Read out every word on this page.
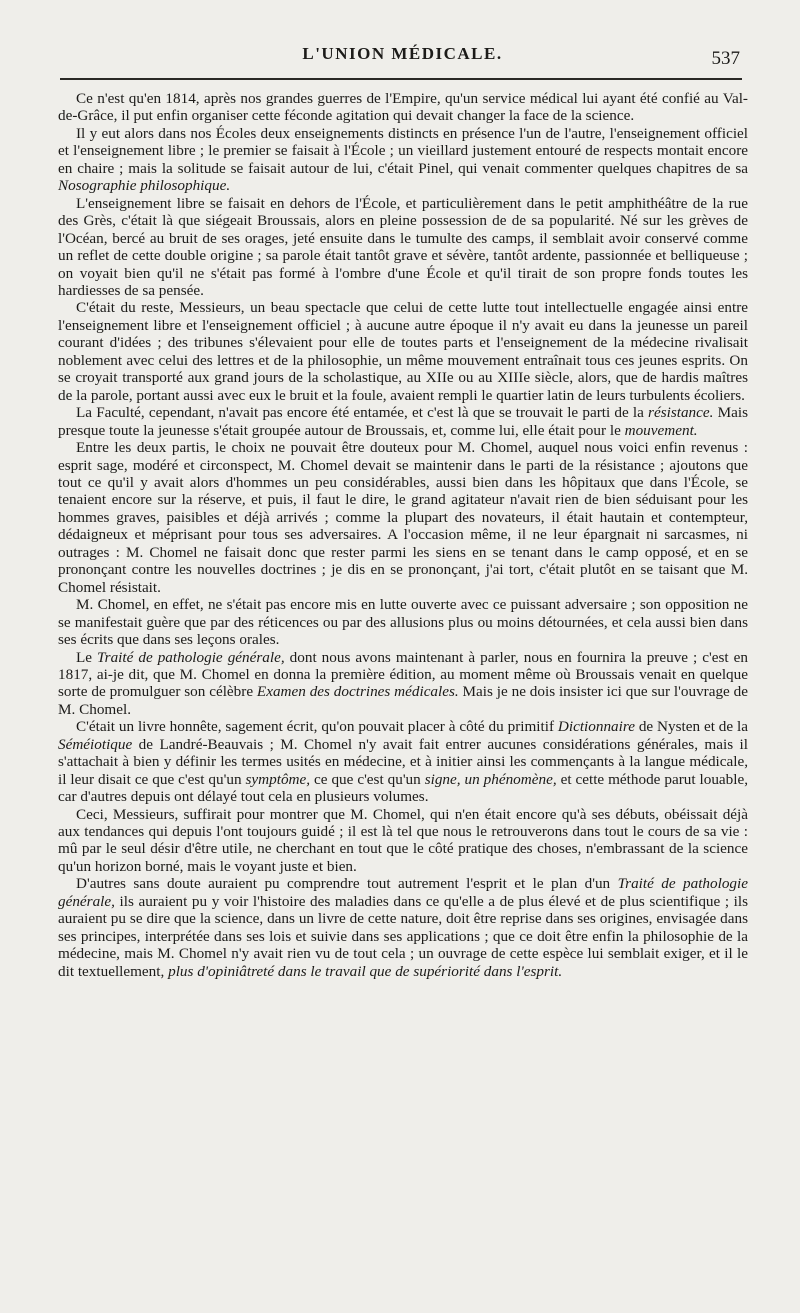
L'UNION MÉDICALE.	537

Ce n'est qu'en 1814, après nos grandes guerres de l'Empire, qu'un service médical lui ayant été confié au Val-de-Grâce, il put enfin organiser cette féconde agitation qui devait changer la face de la science.

Il y eut alors dans nos Écoles deux enseignements distincts en présence l'un de l'autre, l'enseignement officiel et l'enseignement libre ; le premier se faisait à l'École ; un vieillard justement entouré de respects montait encore en chaire ; mais la solitude se faisait autour de lui, c'était Pinel, qui venait commenter quelques chapitres de sa Nosographie philosophique.

L'enseignement libre se faisait en dehors de l'École, et particulièrement dans le petit amphithéâtre de la rue des Grès, c'était là que siégeait Broussais, alors en pleine possession de de sa popularité. Né sur les grèves de l'Océan, bercé au bruit de ses orages, jeté ensuite dans le tumulte des camps, il semblait avoir conservé comme un reflet de cette double origine ; sa parole était tantôt grave et sévère, tantôt ardente, passionnée et belliqueuse ; on voyait bien qu'il ne s'était pas formé à l'ombre d'une École et qu'il tirait de son propre fonds toutes les hardiesses de sa pensée.

C'était du reste, Messieurs, un beau spectacle que celui de cette lutte tout intellectuelle engagée ainsi entre l'enseignement libre et l'enseignement officiel ; à aucune autre époque il n'y avait eu dans la jeunesse un pareil courant d'idées ; des tribunes s'élevaient pour elle de toutes parts et l'enseignement de la médecine rivalisait noblement avec celui des lettres et de la philosophie, un même mouvement entraînait tous ces jeunes esprits. On se croyait transporté aux grand jours de la scholastique, au XIIe ou au XIIIe siècle, alors, que de hardis maîtres de la parole, portant aussi avec eux le bruit et la foule, avaient rempli le quartier latin de leurs turbulents écoliers.

La Faculté, cependant, n'avait pas encore été entamée, et c'est là que se trouvait le parti de la résistance. Mais presque toute la jeunesse s'était groupée autour de Broussais, et, comme lui, elle était pour le mouvement.

Entre les deux partis, le choix ne pouvait être douteux pour M. Chomel, auquel nous voici enfin revenus : esprit sage, modéré et circonspect, M. Chomel devait se maintenir dans le parti de la résistance ; ajoutons que tout ce qu'il y avait alors d'hommes un peu considérables, aussi bien dans les hôpitaux que dans l'École, se tenaient encore sur la réserve, et puis, il faut le dire, le grand agitateur n'avait rien de bien séduisant pour les hommes graves, paisibles et déjà arrivés ; comme la plupart des novateurs, il était hautain et contempteur, dédaigneux et méprisant pour tous ses adversaires. A l'occasion même, il ne leur épargnait ni sarcasmes, ni outrages : M. Chomel ne faisait donc que rester parmi les siens en se tenant dans le camp opposé, et en se prononçant contre les nouvelles doctrines ; je dis en se prononçant, j'ai tort, c'était plutôt en se taisant que M. Chomel résistait.

M. Chomel, en effet, ne s'était pas encore mis en lutte ouverte avec ce puissant adversaire ; son opposition ne se manifestait guère que par des réticences ou par des allusions plus ou moins détournées, et cela aussi bien dans ses écrits que dans ses leçons orales.

Le Traité de pathologie générale, dont nous avons maintenant à parler, nous en fournira la preuve ; c'est en 1817, ai-je dit, que M. Chomel en donna la première édition, au moment même où Broussais venait en quelque sorte de promulguer son célèbre Examen des doctrines médicales. Mais je ne dois insister ici que sur l'ouvrage de M. Chomel.

C'était un livre honnête, sagement écrit, qu'on pouvait placer à côté du primitif Dictionnaire de Nysten et de la Séméiotique de Landré-Beauvais ; M. Chomel n'y avait fait entrer aucunes considérations générales, mais il s'attachait à bien y définir les termes usités en médecine, et à initier ainsi les commençants à la langue médicale, il leur disait ce que c'est qu'un symptôme, ce que c'est qu'un signe, un phénomène, et cette méthode parut louable, car d'autres depuis ont délayé tout cela en plusieurs volumes.

Ceci, Messieurs, suffirait pour montrer que M. Chomel, qui n'en était encore qu'à ses débuts, obéissait déjà aux tendances qui depuis l'ont toujours guidé ; il est là tel que nous le retrouverons dans tout le cours de sa vie : mû par le seul désir d'être utile, ne cherchant en tout que le côté pratique des choses, n'embrassant de la science qu'un horizon borné, mais le voyant juste et bien.

D'autres sans doute auraient pu comprendre tout autrement l'esprit et le plan d'un Traité de pathologie générale, ils auraient pu y voir l'histoire des maladies dans ce qu'elle a de plus élevé et de plus scientifique ; ils auraient pu se dire que la science, dans un livre de cette nature, doit être reprise dans ses origines, envisagée dans ses principes, interprétée dans ses lois et suivie dans ses applications ; que ce doit être enfin la philosophie de la médecine, mais M. Chomel n'y avait rien vu de tout cela ; un ouvrage de cette espèce lui semblait exiger, et il le dit textuellement, plus d'opiniâtreté dans le travail que de supériorité dans l'esprit.
